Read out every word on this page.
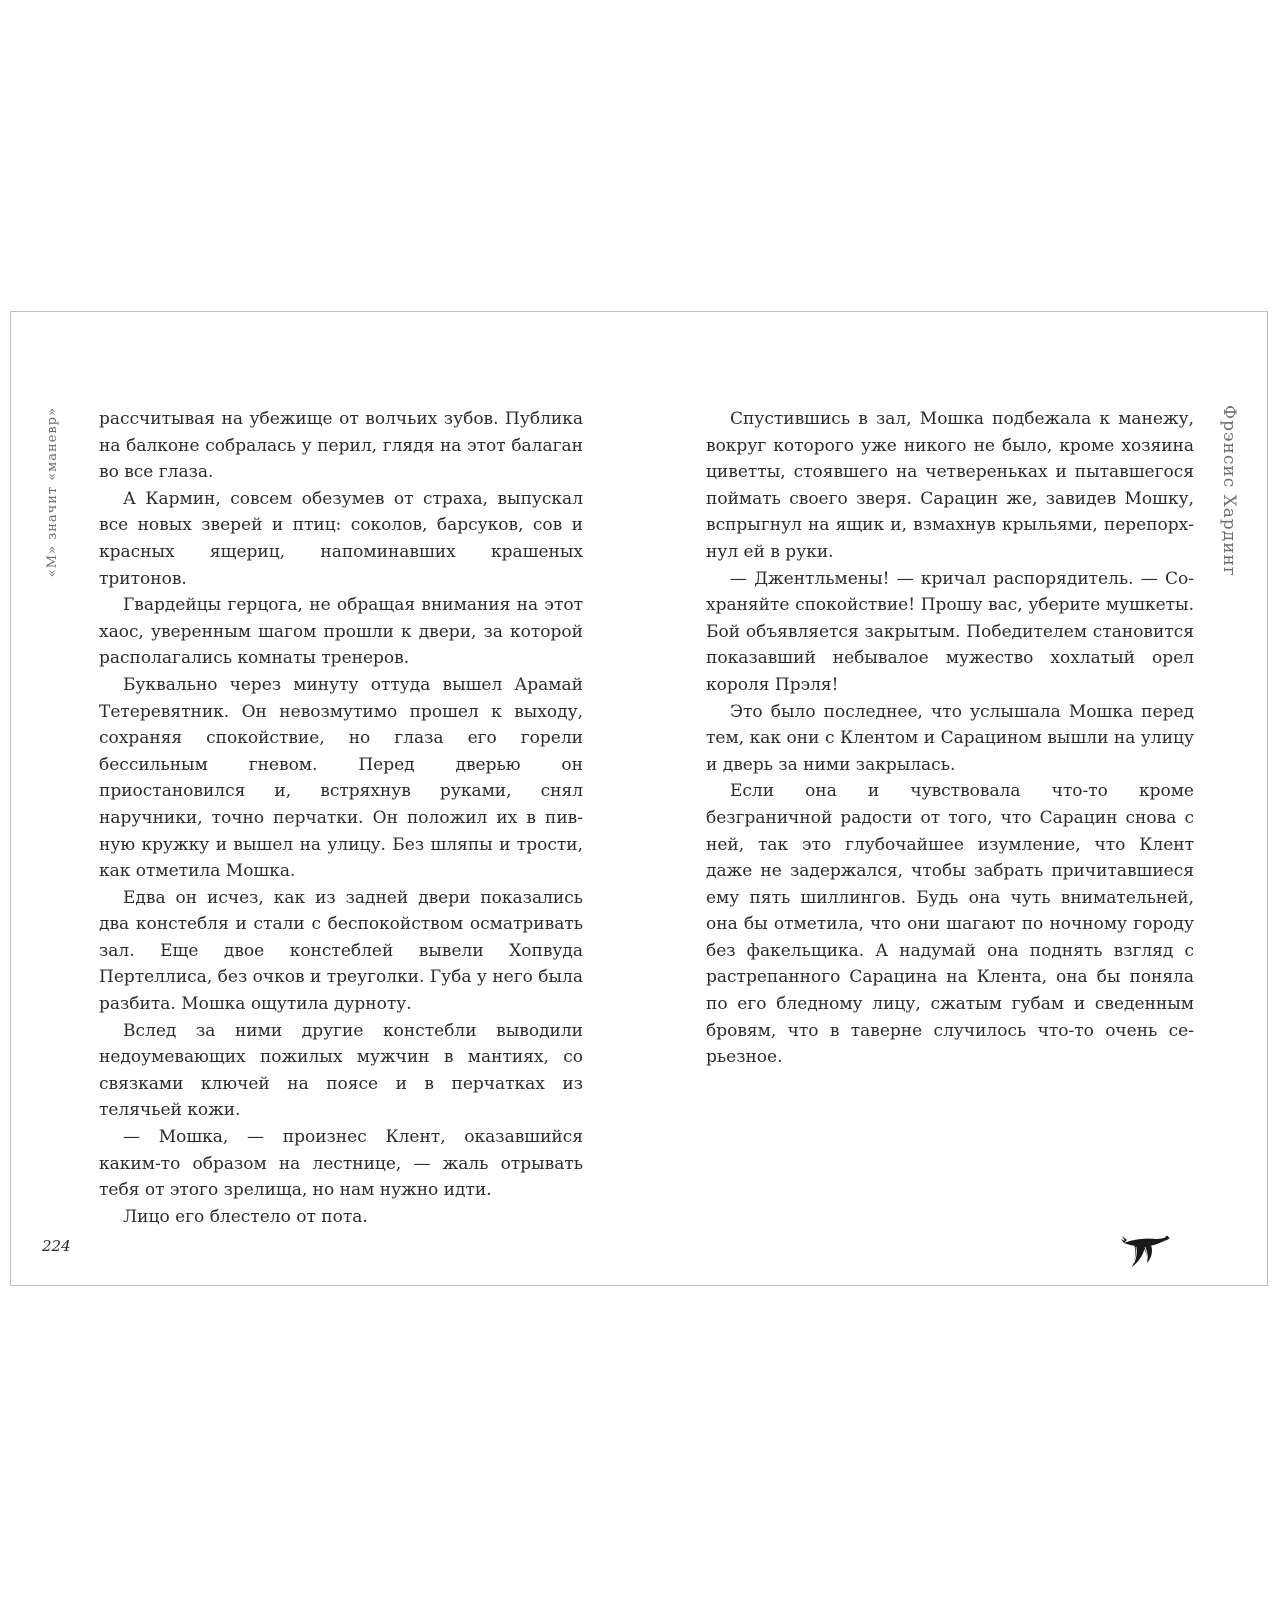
«М» значит «маневр» рассчитывая на убежище от волчьих зубов. Публика на балконе собралась у перил, глядя на этот балаган во все глаза.

А Кармин, совсем обезумев от страха, выпускал все новых зверей и птиц: соколов, барсуков, сов и красных ящериц, напоминавших крашеных тритонов.

Гвардейцы герцога, не обращая внимания на этот хаос, уверенным шагом прошли к двери, за которой располагались комнаты тренеров.

Буквально через минуту оттуда вышел Арамай Тетеревятник. Он невозмутимо прошел к выходу, сохраняя спокойствие, но глаза его горели бессильным гневом. Перед дверью он приостановился и, встряхнув руками, снял наручники, точно перчатки. Он положил их в пивную кружку и вышел на улицу. Без шляпы и трости, как отметила Мошка.

Едва он исчез, как из задней двери показались два констебля и стали с беспокойством осматривать зал. Еще двое констеблей вывели Хопвуда Пертеллиса, без очков и треуголки. Губа у него была разбита. Мошка ощутила дурноту.

Вслед за ними другие констебли выводили недоумевающих пожилых мужчин в мантиях, со связками ключей на поясе и в перчатках из телячьей кожи.

— Мошка, — произнес Клент, оказавшийся каким-то образом на лестнице, — жаль отрывать тебя от этого зрелища, но нам нужно идти.

Лицо его блестело от пота.

224

Спустившись в зал, Мошка подбежала к манежу, вокруг которого уже никого не было, кроме хозяина циветты, стоявшего на четвереньках и пытавшегося поймать своего зверя. Сарацин же, завидев Мошку, вспрыгнул на ящик и, взмахнув крыльями, перепорхнул ей в руки.

— Джентльмены! — кричал распорядитель. — Сохраняйте спокойствие! Прошу вас, уберите мушкеты. Бой объявляется закрытым. Победителем становится показавший небывалое мужество хохлатый орел короля Прэля!

Это было последнее, что услышала Мошка перед тем, как они с Клентом и Сарацином вышли на улицу и дверь за ними закрылась.

Если она и чувствовала что-то кроме безграничной радости от того, что Сарацин снова с ней, так это глубочайшее изумление, что Клент даже не задержался, чтобы забрать причитавшиеся ему пять шиллингов. Будь она чуть внимательней, она бы отметила, что они шагают по ночному городу без факельщика. А надумай она поднять взгляд с растрепанного Сарацина на Клента, она бы поняла по его бледному лицу, сжатым губам и сведенным бровям, что в таверне случилось что-то очень серьезное.

Фрэнсис Хардинг
